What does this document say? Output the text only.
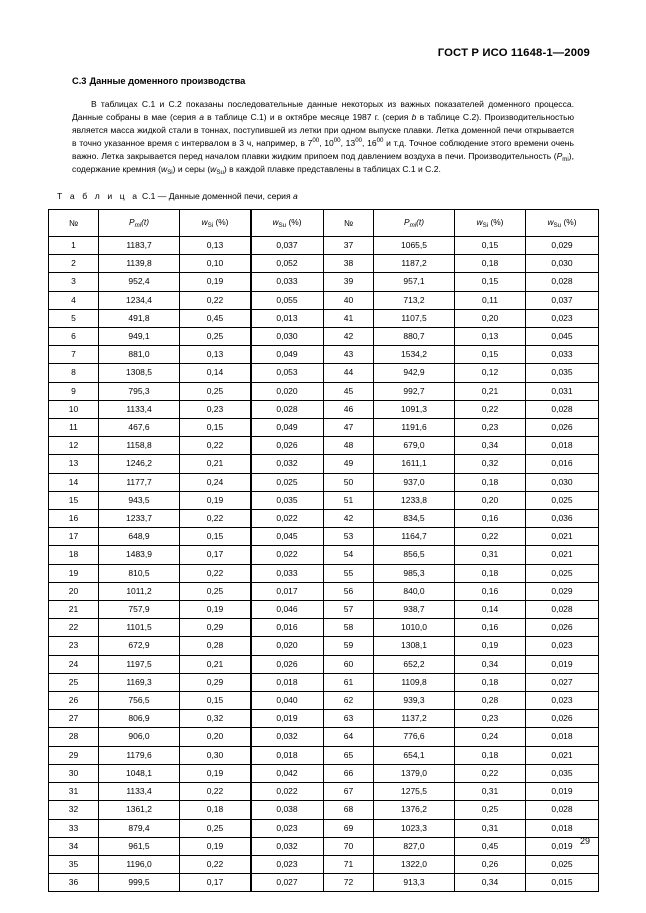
ГОСТ Р ИСО 11648-1—2009
С.3 Данные доменного производства

В таблицах С.1 и С.2 показаны последовательные данные некоторых из важных показателей доменного процесса. Данные собраны в мае (серия a в таблице С.1) и в октябре месяце 1987 г. (серия b в таблице С.2). Производительностью является масса жидкой стали в тоннах, поступившей из летки при одном выпуске плавки. Летка доменной печи открывается в точно указанное время с интервалом в 3 ч, например, в $7^{00}$, $10^{00}$, $13^{00}$, $16^{00}$ и т.д. Точное соблюдение этого времени очень важно. Летка закрывается перед началом плавки жидким припоем под давлением воздуха в печи. Производительность $(P_{mi})$, содержание кремния $(w_{Si})$ и серы $(w_{Su})$ в каждой плавке представлены в таблицах С.1 и С.2.

Т а б л и ц а С.1 — Данные доменной печи, серия a
№	$P_{mi}(t)$	$w_{Si}$ (%)	$w_{Su}$ (%)	№	$P_{mi}(t)$	$w_{Si}$ (%)	$w_{Su}$ (%)
1	1183,7	0,13	0,037	37	1065,5	0,15	0,029
2	1139,8	0,10	0,052	38	1187,2	0,18	0,030
3	952,4	0,19	0,033	39	957,1	0,15	0,028
4	1234,4	0,22	0,055	40	713,2	0,11	0,037
5	491,8	0,45	0,013	41	1107,5	0,20	0,023
6	949,1	0,25	0,030	42	880,7	0,13	0,045
7	881,0	0,13	0,049	43	1534,2	0,15	0,033
8	1308,5	0,14	0,053	44	942,9	0,12	0,035
9	795,3	0,25	0,020	45	992,7	0,21	0,031
10	1133,4	0,23	0,028	46	1091,3	0,22	0,028
11	467,6	0,15	0,049	47	1191,6	0,23	0,026
12	1158,8	0,22	0,026	48	679,0	0,34	0,018
13	1246,2	0,21	0,032	49	1611,1	0,32	0,016
14	1177,7	0,24	0,025	50	937,0	0,18	0,030
15	943,5	0,19	0,035	51	1233,8	0,20	0,025
16	1233,7	0,22	0,022	42	834,5	0,16	0,036
17	648,9	0,15	0,045	53	1164,7	0,22	0,021
18	1483,9	0,17	0,022	54	856,5	0,31	0,021
19	810,5	0,22	0,033	55	985,3	0,18	0,025
20	1011,2	0,25	0,017	56	840,0	0,16	0,029
21	757,9	0,19	0,046	57	938,7	0,14	0,028
22	1101,5	0,29	0,016	58	1010,0	0,16	0,026
23	672,9	0,28	0,020	59	1308,1	0,19	0,023
24	1197,5	0,21	0,026	60	652,2	0,34	0,019
25	1169,3	0,29	0,018	61	1109,8	0,18	0,027
26	756,5	0,15	0,040	62	939,3	0,28	0,023
27	806,9	0,32	0,019	63	1137,2	0,23	0,026
28	906,0	0,20	0,032	64	776,6	0,24	0,018
29	1179,6	0,30	0,018	65	654,1	0,18	0,021
30	1048,1	0,19	0,042	66	1379,0	0,22	0,035
31	1133,4	0,22	0,022	67	1275,5	0,31	0,019
32	1361,2	0,18	0,038	68	1376,2	0,25	0,028
33	879,4	0,25	0,023	69	1023,3	0,31	0,018
34	961,5	0,19	0,032	70	827,0	0,45	0,019
35	1196,0	0,22	0,023	71	1322,0	0,26	0,025
36	999,5	0,17	0,027	72	913,3	0,34	0,015
29
